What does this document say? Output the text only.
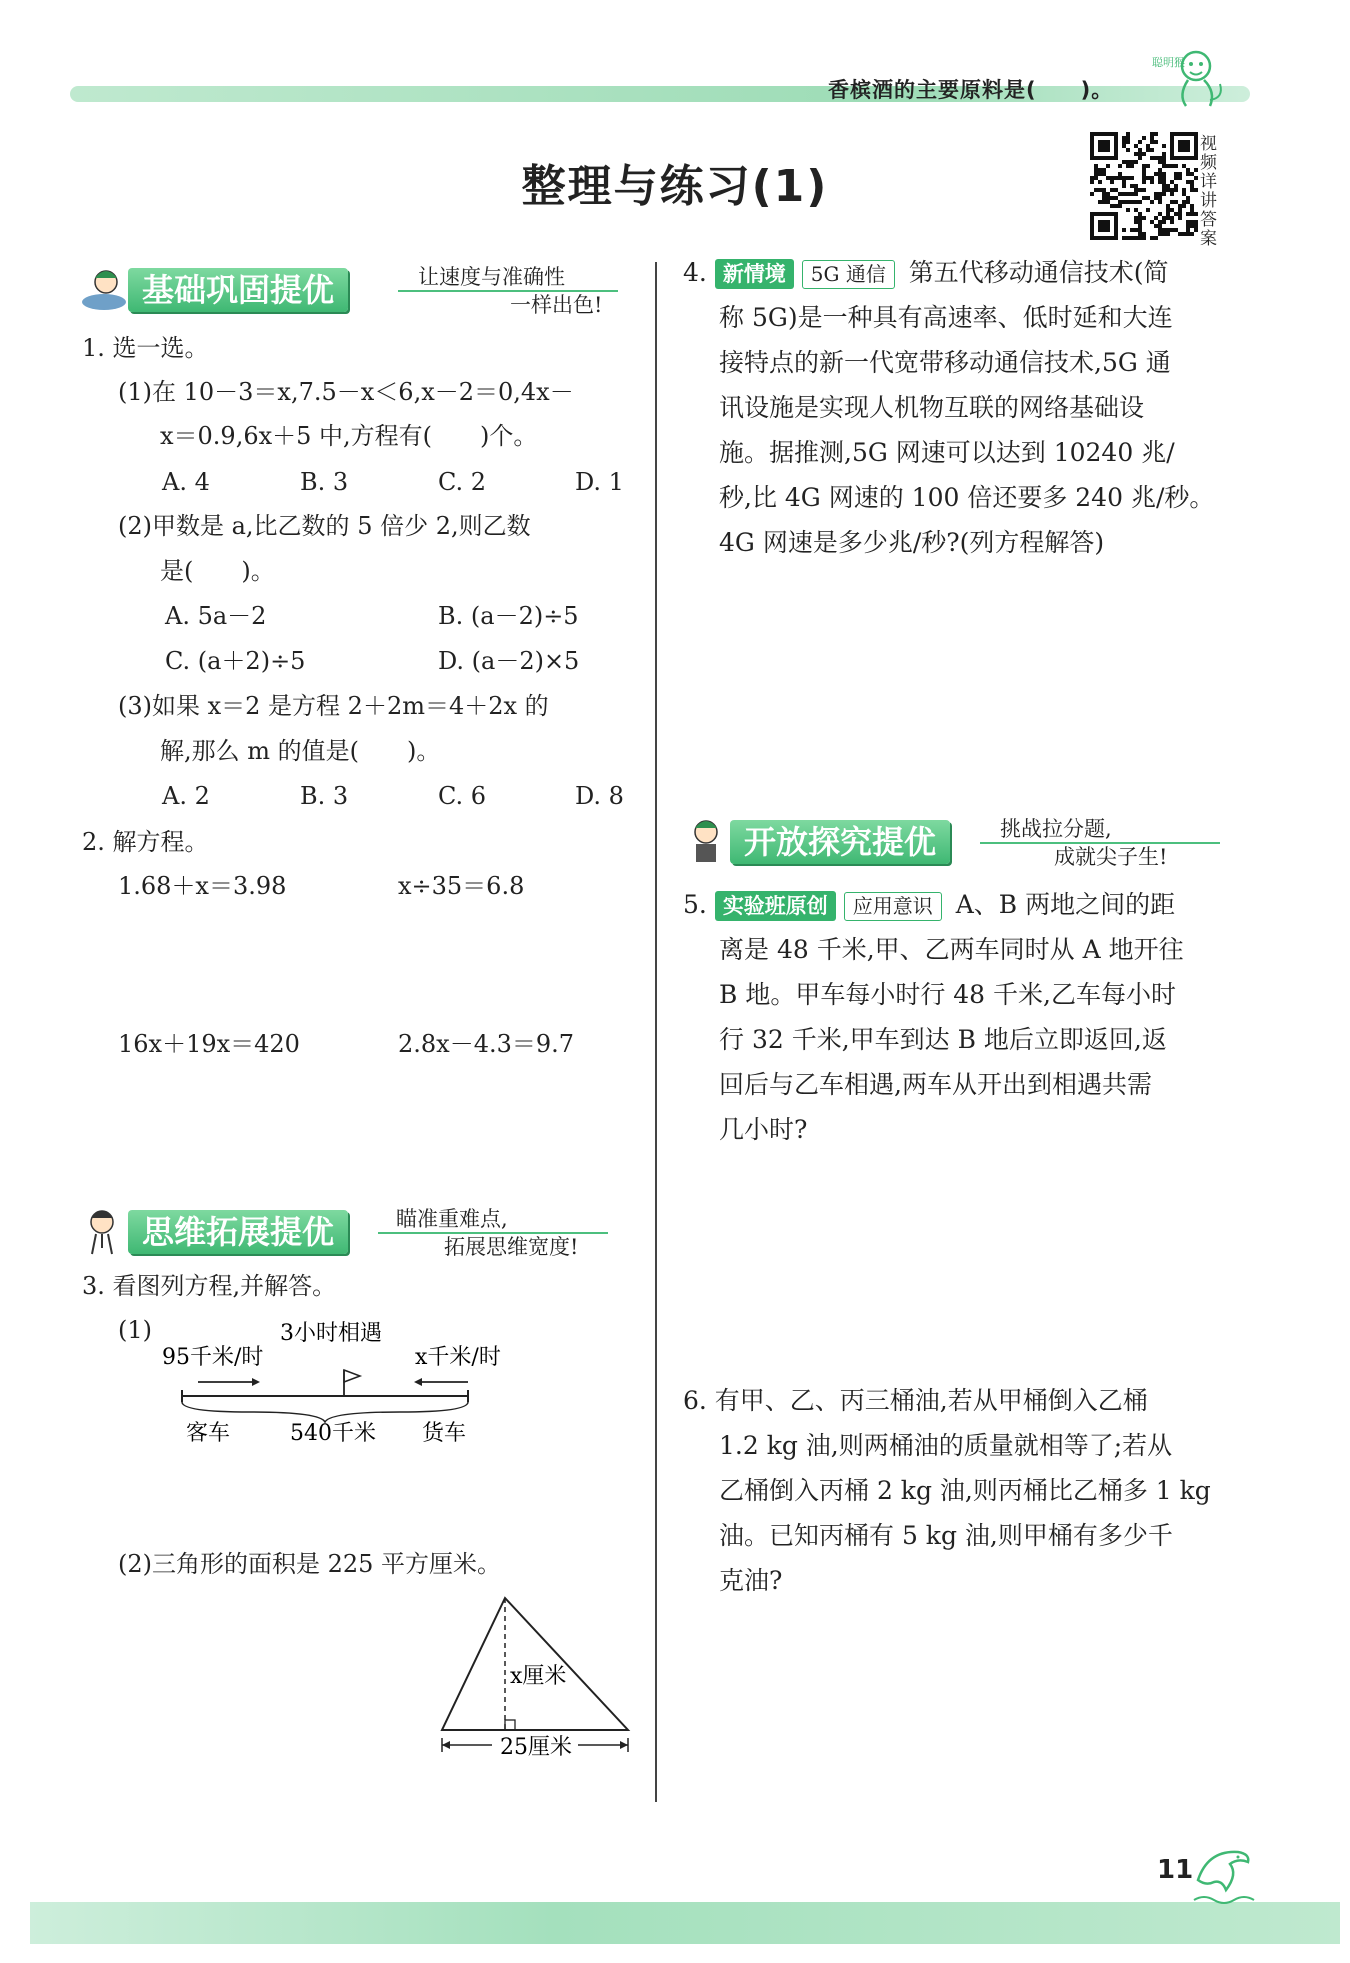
香槟酒的主要原料是(　　)。
聪明猴
整理与练习(1)
视频详讲答案
基础巩固提优	让速度与准确性
一样出色!
1. 选一选。
(1)在 10－3＝x,7.5－x＜6,x－2＝0,4x－
x＝0.9,6x＋5 中,方程有(　　)个。
A. 4	B. 3	C. 2	D. 1
(2)甲数是 a,比乙数的 5 倍少 2,则乙数
是(　　)。
A. 5a－2	B. (a－2)÷5
C. (a＋2)÷5	D. (a－2)×5
(3)如果 x＝2 是方程 2＋2m＝4＋2x 的
解,那么 m 的值是(　　)。
A. 2	B. 3	C. 6	D. 8
2. 解方程。
1.68＋x＝3.98	x÷35＝6.8
16x＋19x＝420	2.8x－4.3＝9.7
思维拓展提优	瞄准重难点,
拓展思维宽度!
3. 看图列方程,并解答。
(1)	3小时相遇
95千米/时	x千米/时
客车	540千米 货车
(2)三角形的面积是 225 平方厘米。
x厘米
25厘米
4. 新情境 5G 通信 第五代移动通信技术(简
称 5G)是一种具有高速率、低时延和大连
接特点的新一代宽带移动通信技术,5G 通
讯设施是实现人机物互联的网络基础设
施。据推测,5G 网速可以达到 10240 兆/
秒,比 4G 网速的 100 倍还要多 240 兆/秒。
4G 网速是多少兆/秒?(列方程解答)
开放探究提优	挑战拉分题,
成就尖子生!
5. 实验班原创 应用意识 A、B 两地之间的距
离是 48 千米,甲、乙两车同时从 A 地开往
B 地。甲车每小时行 48 千米,乙车每小时
行 32 千米,甲车到达 B 地后立即返回,返
回后与乙车相遇,两车从开出到相遇共需
几小时?
6. 有甲、乙、丙三桶油,若从甲桶倒入乙桶
1.2 kg 油,则两桶油的质量就相等了;若从
乙桶倒入丙桶 2 kg 油,则丙桶比乙桶多 1 kg
油。已知丙桶有 5 kg 油,则甲桶有多少千
克油?
11
